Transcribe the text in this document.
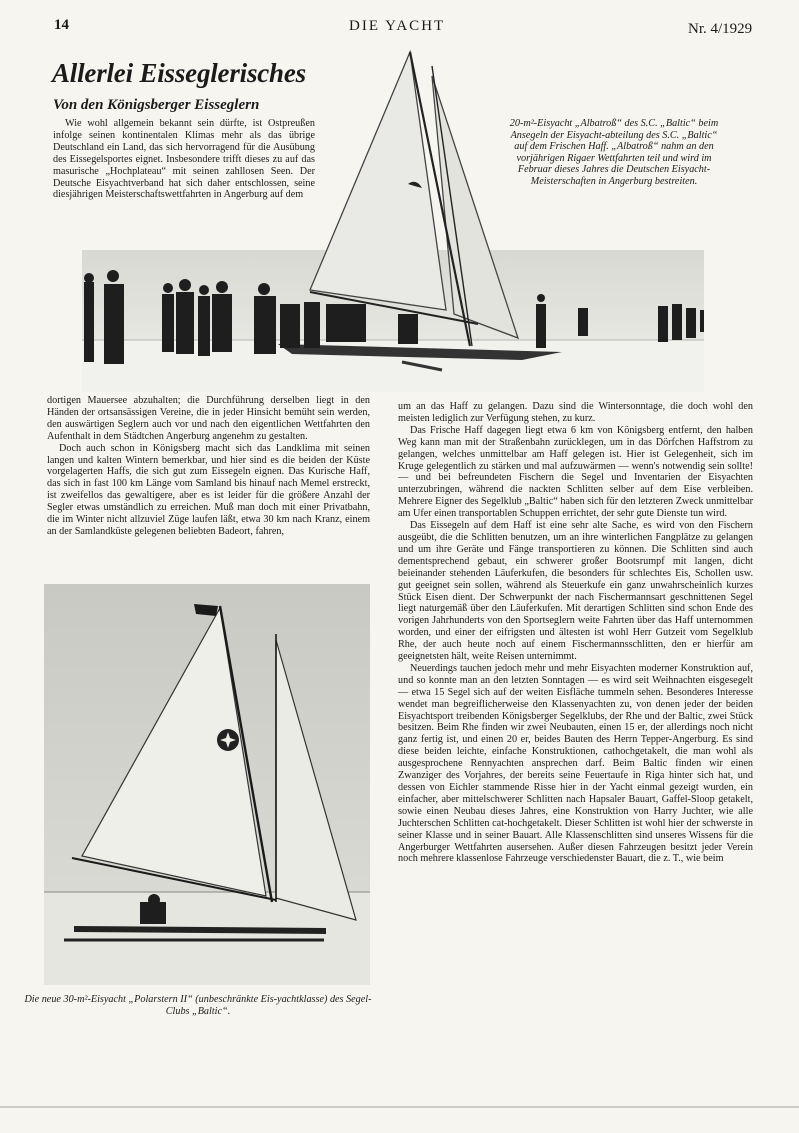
14	DIE YACHT	Nr. 4/1929
Allerlei Eisseglerisches
Von den Königsberger Eisseglern

Wie wohl allgemein bekannt sein dürfte, ist Ostpreußen infolge seinen kontinentalen Klimas mehr als das übrige Deutschland ein Land, das sich hervorragend für die Ausübung des Eissegelsportes eignet. Insbesondere trifft dieses zu auf das masurische „Hochplateau“ mit seinen zahllosen Seen. Der Deutsche Eisyachtverband hat sich daher entschlossen, seine diesjährigen Meisterschaftswettfahrten in Angerburg auf dem

20-m²-Eisyacht „Albatroß“ des S.C. „Baltic“ beim Ansegeln der Eisyacht-abteilung des S.C. „Baltic“ auf dem Frischen Haff. „Albatroß“ nahm an den vorjährigen Rigaer Wettfahrten teil und wird im Februar dieses Jahres die Deutschen Eisyacht-Meisterschaften in Angerburg bestreiten.

dortigen Mauersee abzuhalten; die Durchführung derselben liegt in den Händen der ortsansässigen Vereine, die in jeder Hinsicht bemüht sein werden, den auswärtigen Seglern auch vor und nach den eigentlichen Wettfahrten den Aufenthalt in dem Städtchen Angerburg angenehm zu gestalten.

Doch auch schon in Königsberg macht sich das Landklima mit seinen langen und kalten Wintern bemerkbar, und hier sind es die beiden der Küste vorgelagerten Haffs, die sich gut zum Eissegeln eignen. Das Kurische Haff, das sich in fast 100 km Länge vom Samland bis hinauf nach Memel erstreckt, ist zweifellos das gewaltigere, aber es ist leider für die größere Anzahl der Segler etwas umständlich zu erreichen. Muß man doch mit einer Privatbahn, die im Winter nicht allzuviel Züge laufen läßt, etwa 30 km nach Kranz, einem an der Samlandküste gelegenen beliebten Badeort, fahren,

Die neue 30-m²-Eisyacht „Polarstern II“ (unbeschränkte Eis-yachtklasse) des Segel-Clubs „Baltic“.

um an das Haff zu gelangen. Dazu sind die Wintersonntage, die doch wohl den meisten lediglich zur Verfügung stehen, zu kurz.

Das Frische Haff dagegen liegt etwa 6 km von Königsberg entfernt, den halben Weg kann man mit der Straßenbahn zurücklegen, um in das Dörfchen Haffstrom zu gelangen, welches unmittelbar am Haff gelegen ist. Hier ist Gelegenheit, sich im Kruge gelegentlich zu stärken und mal aufzuwärmen — wenn's notwendig sein sollte! — und bei befreundeten Fischern die Segel und Inventarien der Eisyachten unterzubringen, während die nackten Schlitten selber auf dem Eise verbleiben. Mehrere Eigner des Segelklub „Baltic“ haben sich für den letzteren Zweck unmittelbar am Ufer einen transportablen Schuppen errichtet, der sehr gute Dienste tun wird.

Das Eissegeln auf dem Haff ist eine sehr alte Sache, es wird von den Fischern ausgeübt, die die Schlitten benutzen, um an ihre winterlichen Fangplätze zu gelangen und um ihre Geräte und Fänge transportieren zu können. Die Schlitten sind auch dementsprechend gebaut, ein schwerer großer Bootsrumpf mit langen, dicht beieinander stehenden Läuferkufen, die besonders für schlechtes Eis, Schollen usw. gut geeignet sein sollen, während als Steuerkufe ein ganz unwahrscheinlich kurzes Stück Eisen dient. Der Schwerpunkt der nach Fischermannsart geschnittenen Segel liegt naturgemäß über den Läuferkufen. Mit derartigen Schlitten sind schon Ende des vorigen Jahrhunderts von den Sportseglern weite Fahrten über das Haff unternommen worden, und einer der eifrigsten und ältesten ist wohl Herr Gutzeit vom Segelklub Rhe, der auch heute noch auf einem Fischermannsschlitten, den er hierfür am geeignetsten hält, weite Reisen unternimmt.

Neuerdings tauchen jedoch mehr und mehr Eisyachten moderner Konstruktion auf, und so konnte man an den letzten Sonntagen — es wird seit Weihnachten eisgesegelt — etwa 15 Segel sich auf der weiten Eisfläche tummeln sehen. Besonderes Interesse wendet man begreiflicherweise den Klassenyachten zu, von denen jeder der beiden Eisyachtsport treibenden Königsberger Segelklubs, der Rhe und der Baltic, zwei Stück besitzen. Beim Rhe finden wir zwei Neubauten, einen 15 er, der allerdings noch nicht ganz fertig ist, und einen 20 er, beides Bauten des Herrn Tepper-Angerburg. Es sind diese beiden leichte, einfache Konstruktionen, cathochgetakelt, die man wohl als ausgesprochene Rennyachten ansprechen darf. Beim Baltic finden wir einen Zwanziger des Vorjahres, der bereits seine Feuertaufe in Riga hinter sich hat, und dessen von Eichler stammende Risse hier in der Yacht einmal gezeigt wurden, ein einfacher, aber mittelschwerer Schlitten nach Hapsaler Bauart, Gaffel-Sloop getakelt, sowie einen Neubau dieses Jahres, eine Konstruktion von Harry Juchter, wie alle Juchterschen Schlitten cat-hochgetakelt. Dieser Schlitten ist wohl hier der schwerste in seiner Klasse und in seiner Bauart. Alle Klassenschlitten sind unseres Wissens für die Angerburger Wettfahrten ausersehen. Außer diesen Fahrzeugen besitzt jeder Verein noch mehrere klassenlose Fahrzeuge verschiedenster Bauart, die z. T., wie beim
